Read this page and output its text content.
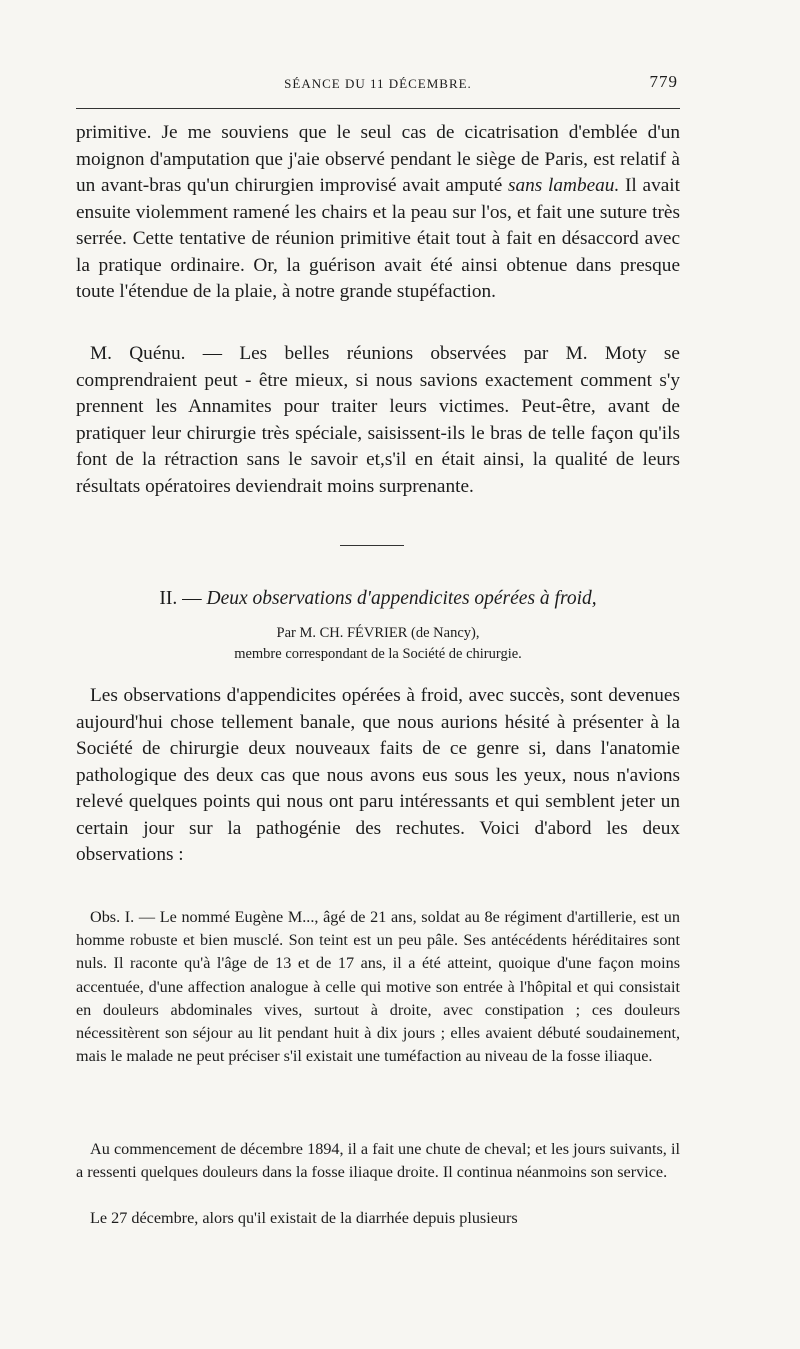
SÉANCE DU 11 DÉCEMBRE.	779

primitive. Je me souviens que le seul cas de cicatrisation d'emblée d'un moignon d'amputation que j'aie observé pendant le siège de Paris, est relatif à un avant-bras qu'un chirurgien improvisé avait amputé sans lambeau. Il avait ensuite violemment ramené les chairs et la peau sur l'os, et fait une suture très serrée. Cette tentative de réunion primitive était tout à fait en désaccord avec la pratique ordinaire. Or, la guérison avait été ainsi obtenue dans presque toute l'étendue de la plaie, à notre grande stupéfaction.

M. Quénu. — Les belles réunions observées par M. Moty se comprendraient peut - être mieux, si nous savions exactement comment s'y prennent les Annamites pour traiter leurs victimes. Peut-être, avant de pratiquer leur chirurgie très spéciale, saisissent-ils le bras de telle façon qu'ils font de la rétraction sans le savoir et,s'il en était ainsi, la qualité de leurs résultats opératoires deviendrait moins surprenante.

II. — Deux observations d'appendicites opérées à froid,
Par M. CH. FÉVRIER (de Nancy),
membre correspondant de la Société de chirurgie.

Les observations d'appendicites opérées à froid, avec succès, sont devenues aujourd'hui chose tellement banale, que nous aurions hésité à présenter à la Société de chirurgie deux nouveaux faits de ce genre si, dans l'anatomie pathologique des deux cas que nous avons eus sous les yeux, nous n'avions relevé quelques points qui nous ont paru intéressants et qui semblent jeter un certain jour sur la pathogénie des rechutes. Voici d'abord les deux observations :

Obs. I. — Le nommé Eugène M..., âgé de 21 ans, soldat au 8e régiment d'artillerie, est un homme robuste et bien musclé. Son teint est un peu pâle. Ses antécédents héréditaires sont nuls. Il raconte qu'à l'âge de 13 et de 17 ans, il a été atteint, quoique d'une façon moins accentuée, d'une affection analogue à celle qui motive son entrée à l'hôpital et qui consistait en douleurs abdominales vives, surtout à droite, avec constipation ; ces douleurs nécessitèrent son séjour au lit pendant huit à dix jours ; elles avaient débuté soudainement, mais le malade ne peut préciser s'il existait une tuméfaction au niveau de la fosse iliaque.

Au commencement de décembre 1894, il a fait une chute de cheval; et les jours suivants, il a ressenti quelques douleurs dans la fosse iliaque droite. Il continua néanmoins son service.

Le 27 décembre, alors qu'il existait de la diarrhée depuis plusieurs
